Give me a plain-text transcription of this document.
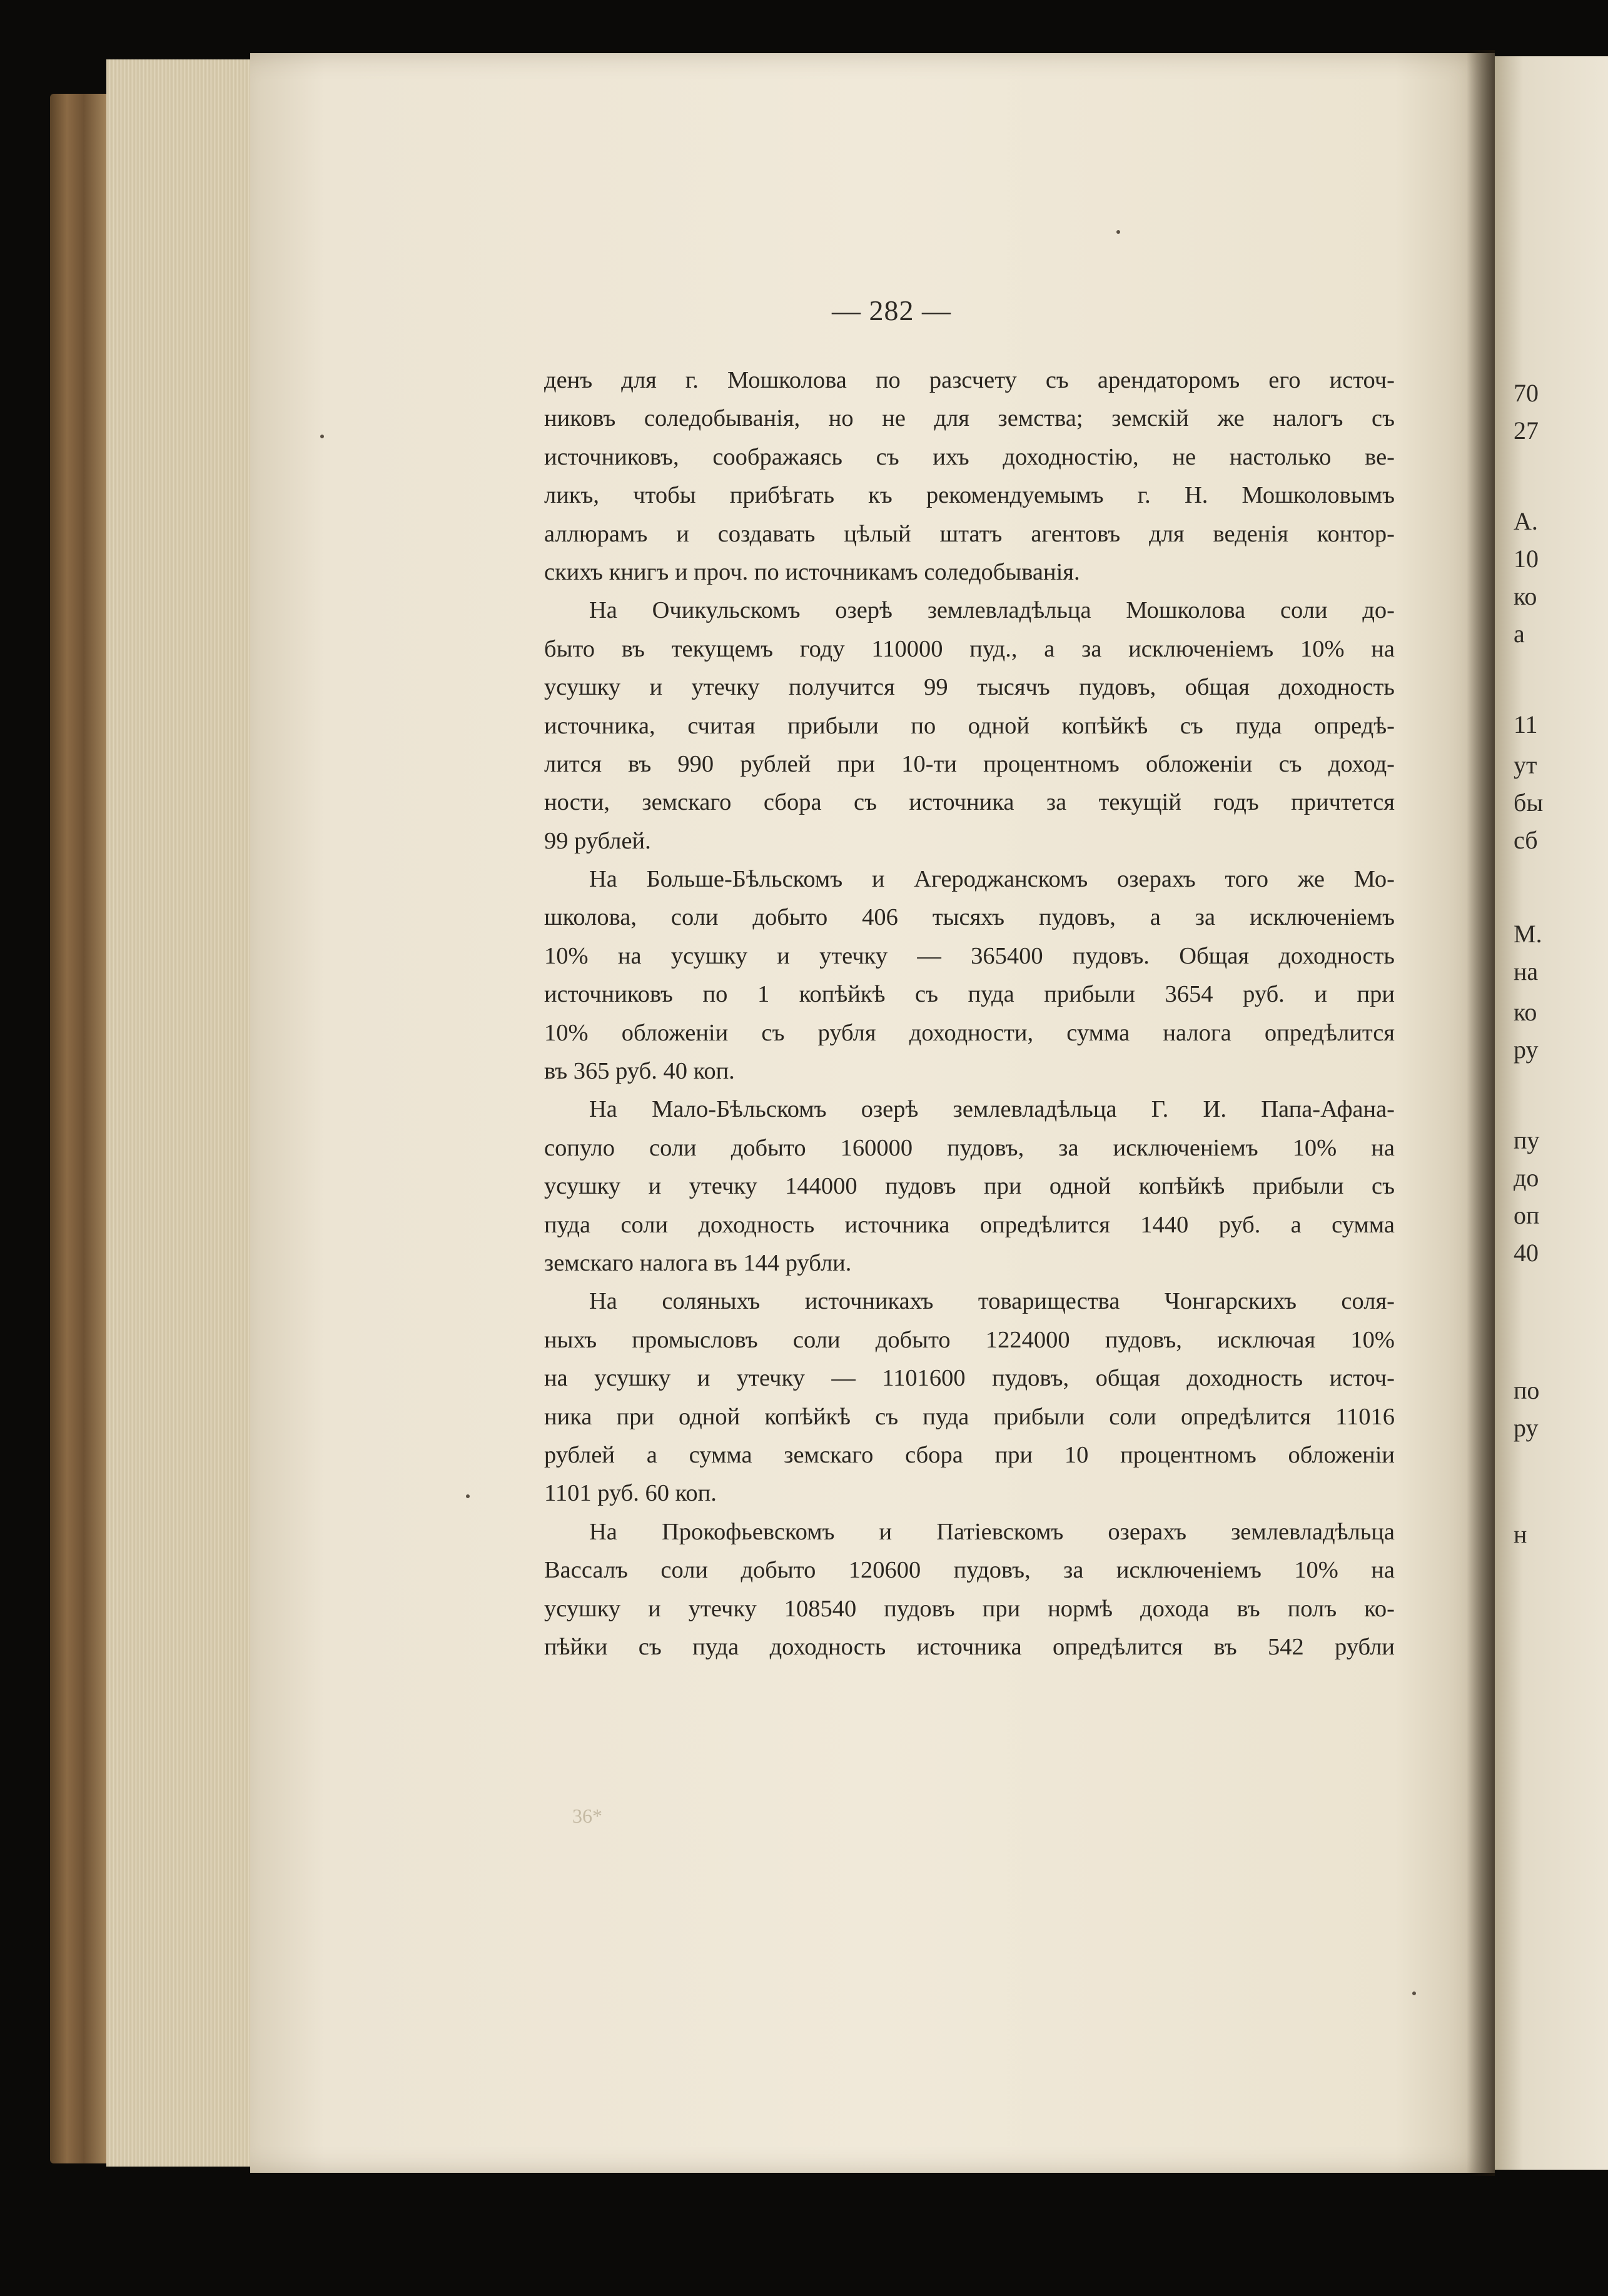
70
27
А.
10
ко
а
11
ут
бы
сб
М.
на
ко
ру
пу
до
оп
40
по
ру
н
— 282 —
денъ для г. Мошколова по разсчету съ арендаторомъ его источ-
никовъ соледобыванія, но не для земства; земскій же налогъ съ
источниковъ, соображаясь съ ихъ доходностію, не настолько ве-
ликъ, чтобы прибѣгать къ рекомендуемымъ г. Н. Мошколовымъ
аллюрамъ и создавать цѣлый штатъ агентовъ для веденія контор-
скихъ книгъ и проч. по источникамъ соледобыванія.
На Очикульскомъ озерѣ землевладѣльца Мошколова соли до-
быто въ текущемъ году 110000 пуд., а за исключеніемъ 10% на
усушку и утечку получится 99 тысячъ пудовъ, общая доходность
источника, считая прибыли по одной копѣйкѣ съ пуда опредѣ-
лится въ 990 рублей при 10-ти процентномъ обложеніи съ доход-
ности, земскаго сбора съ источника за текущій годъ причтется
99 рублей.
На Больше-Бѣльскомъ и Агероджанскомъ озерахъ того же Мо-
школова, соли добыто 406 тысяхъ пудовъ, а за исключеніемъ
10% на усушку и утечку — 365400 пудовъ. Общая доходность
источниковъ по 1 копѣйкѣ съ пуда прибыли 3654 руб. и при
10% обложеніи съ рубля доходности, сумма налога опредѣлится
въ 365 руб. 40 коп.
На Мало-Бѣльскомъ озерѣ землевладѣльца Г. И. Папа-Афана-
сопуло соли добыто 160000 пудовъ, за исключеніемъ 10% на
усушку и утечку 144000 пудовъ при одной копѣйкѣ прибыли съ
пуда соли доходность источника опредѣлится 1440 руб. а сумма
земскаго налога въ 144 рубли.
На соляныхъ источникахъ товарищества Чонгарскихъ соля-
ныхъ промысловъ соли добыто 1224000 пудовъ, исключая 10%
на усушку и утечку — 1101600 пудовъ, общая доходность источ-
ника при одной копѣйкѣ съ пуда прибыли соли опредѣлится 11016
рублей а сумма земскаго сбора при 10 процентномъ обложеніи
1101 руб. 60 коп.
На Прокофьевскомъ и Патіевскомъ озерахъ землевладѣльца
Вассалъ соли добыто 120600 пудовъ, за исключеніемъ 10% на
усушку и утечку 108540 пудовъ при нормѣ дохода въ полъ ко-
пѣйки съ пуда доходность источника опредѣлится въ 542 рубли
36*
